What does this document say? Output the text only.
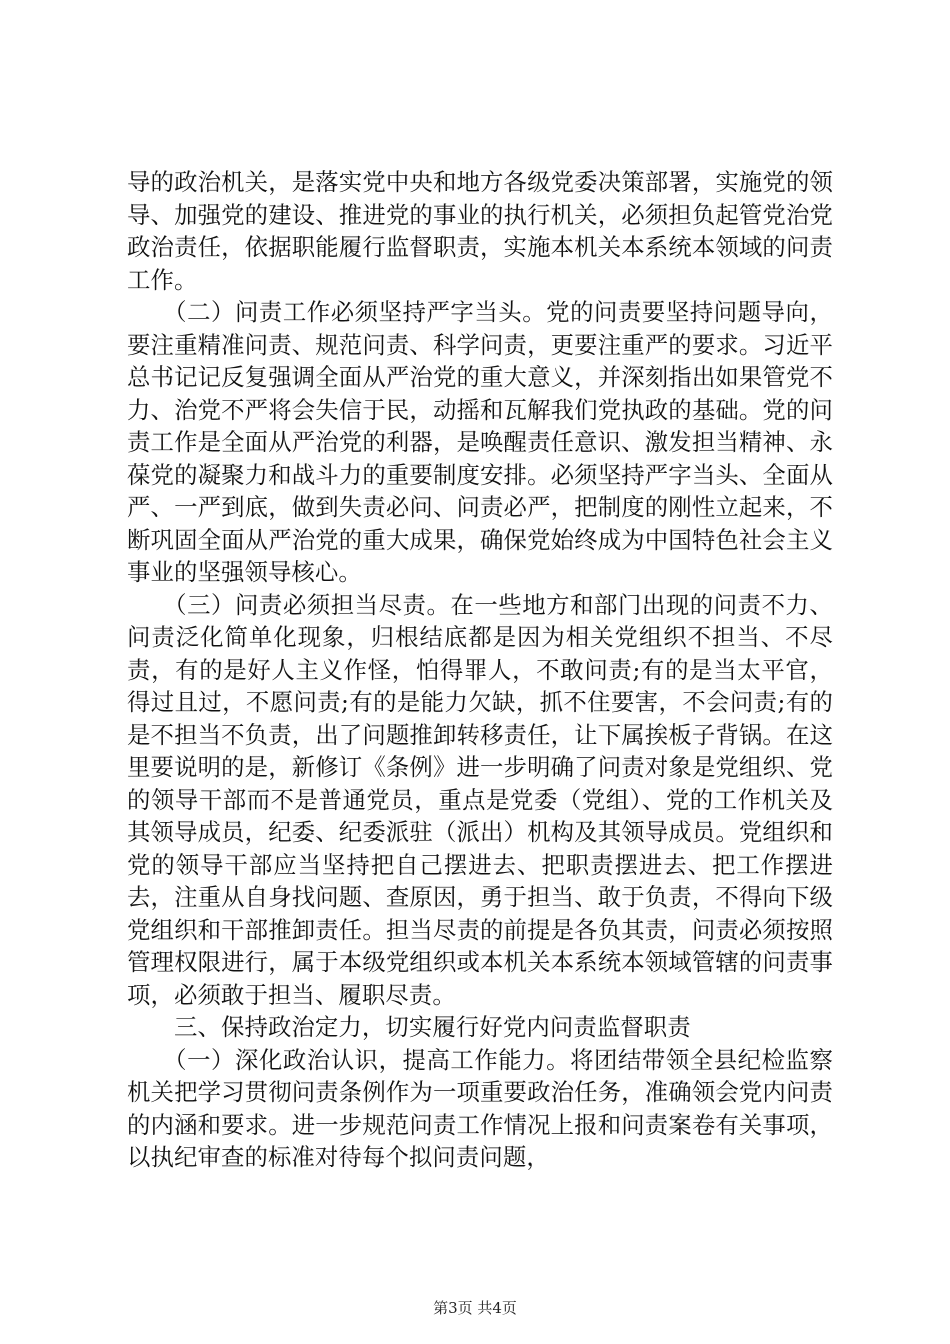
导的政治机关，是落实党中央和地方各级党委决策部署，实施党的领导、加强党的建设、推进党的事业的执行机关，必须担负起管党治党政治责任，依据职能履行监督职责，实施本机关本系统本领域的问责工作。

　　（二）问责工作必须坚持严字当头。党的问责要坚持问题导向，要注重精准问责、规范问责、科学问责，更要注重严的要求。习近平总书记记反复强调全面从严治党的重大意义，并深刻指出如果管党不力、治党不严将会失信于民，动摇和瓦解我们党执政的基础。党的问责工作是全面从严治党的利器，是唤醒责任意识、激发担当精神、永葆党的凝聚力和战斗力的重要制度安排。必须坚持严字当头、全面从严、一严到底，做到失责必问、问责必严，把制度的刚性立起来，不断巩固全面从严治党的重大成果，确保党始终成为中国特色社会主义事业的坚强领导核心。

　　（三）问责必须担当尽责。在一些地方和部门出现的问责不力、问责泛化简单化现象，归根结底都是因为相关党组织不担当、不尽责，有的是好人主义作怪，怕得罪人，不敢问责;有的是当太平官，得过且过，不愿问责;有的是能力欠缺，抓不住要害，不会问责;有的是不担当不负责，出了问题推卸转移责任，让下属挨板子背锅。在这里要说明的是，新修订《条例》进一步明确了问责对象是党组织、党的领导干部而不是普通党员，重点是党委（党组）、党的工作机关及其领导成员，纪委、纪委派驻（派出）机构及其领导成员。党组织和党的领导干部应当坚持把自己摆进去、把职责摆进去、把工作摆进去，注重从自身找问题、查原因，勇于担当、敢于负责，不得向下级党组织和干部推卸责任。担当尽责的前提是各负其责，问责必须按照管理权限进行，属于本级党组织或本机关本系统本领域管辖的问责事项，必须敢于担当、履职尽责。

　　三、保持政治定力，切实履行好党内问责监督职责

　　（一）深化政治认识，提高工作能力。将团结带领全县纪检监察机关把学习贯彻问责条例作为一项重要政治任务，准确领会党内问责的内涵和要求。进一步规范问责工作情况上报和问责案卷有关事项，以执纪审查的标准对待每个拟问责问题，

第3页 共4页
